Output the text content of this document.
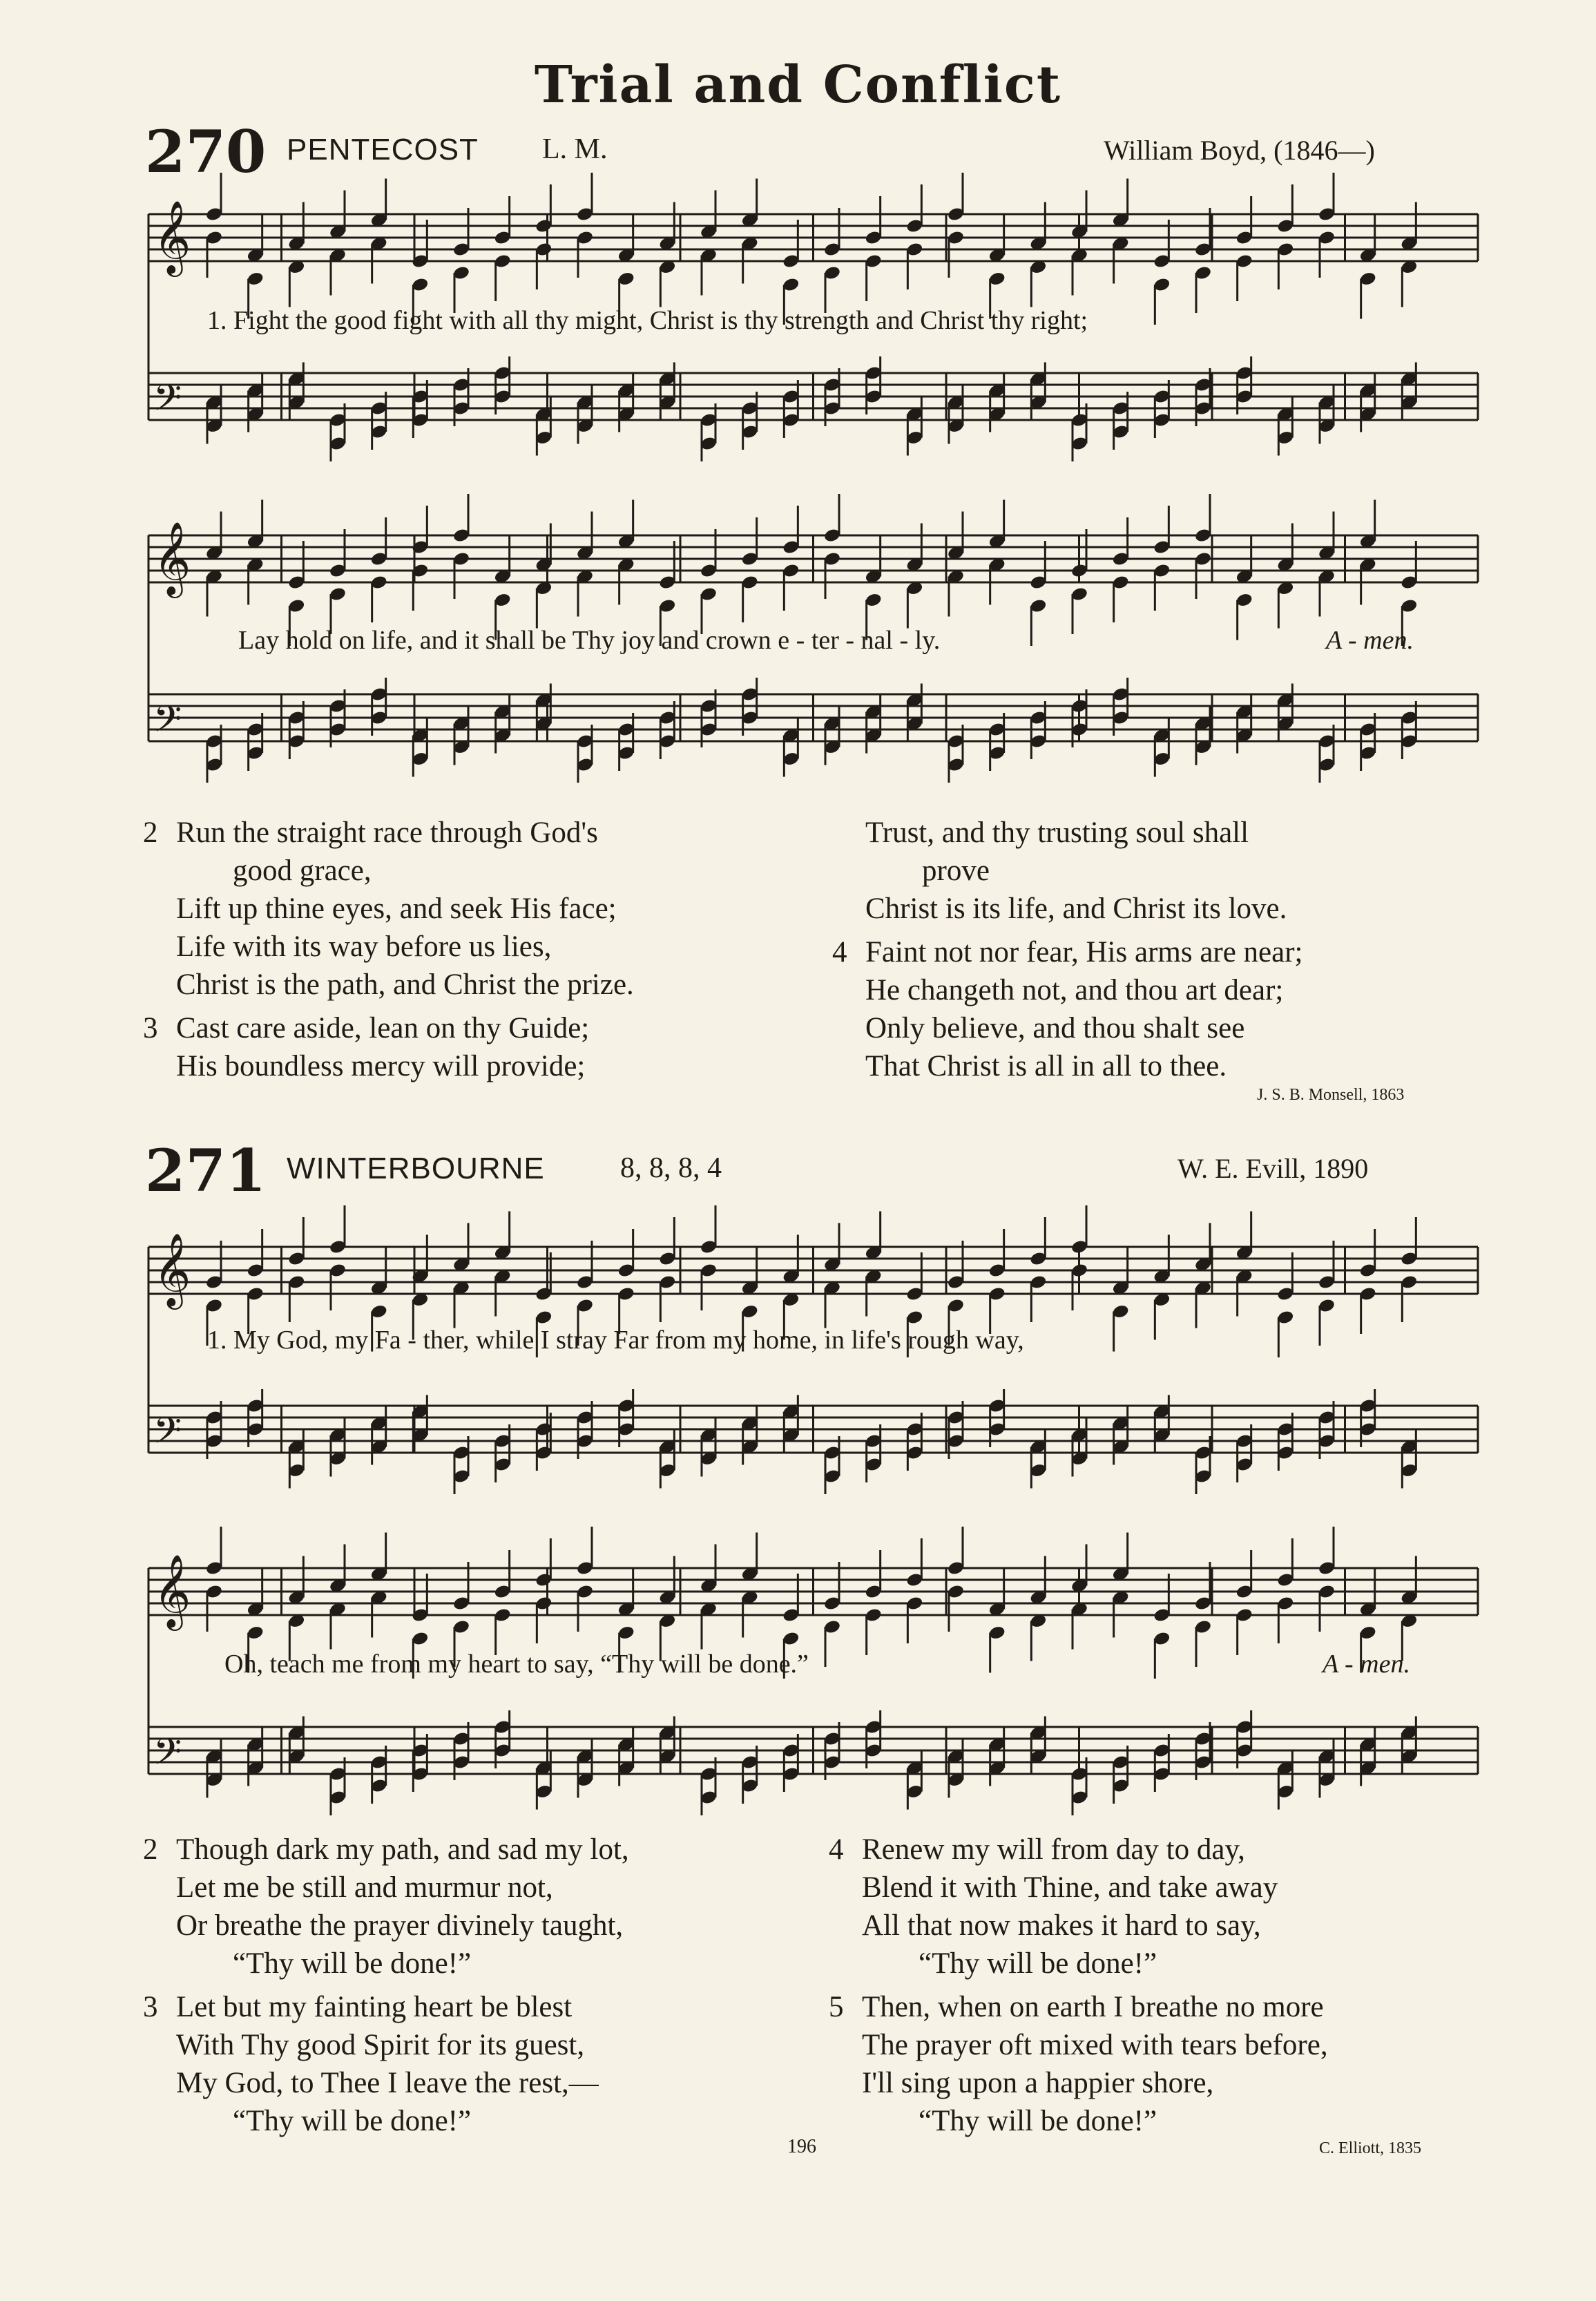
Trial and Conflict
270 PENTECOST L. M.	William Boyd, (1846—)
𝄞
𝄢
1. Fight the good fight with all thy might, Christ is thy strength and Christ thy right;
𝄞
𝄢
Lay hold on life, and it shall be Thy joy and crown e - ter - nal - ly.	A - men.
2 Run the straight race through God's
good grace,
Lift up thine eyes, and seek His face;
Life with its way before us lies,
Christ is the path, and Christ the prize.
3 Cast care aside, lean on thy Guide;
His boundless mercy will provide;
Trust, and thy trusting soul shall
prove
Christ is its life, and Christ its love.
4 Faint not nor fear, His arms are near;
He changeth not, and thou art dear;
Only believe, and thou shalt see
That Christ is all in all to thee.
J. S. B. Monsell, 1863
271 WINTERBOURNE	8, 8, 8, 4	W. E. Evill, 1890
𝄞
𝄢
1. My God, my Fa - ther, while I stray Far from my home, in life's rough way,
𝄞
𝄢
Oh, teach me from my heart to say, “Thy will be done.”	A - men.
2 Though dark my path, and sad my lot,
Let me be still and murmur not,
Or breathe the prayer divinely taught,
“Thy will be done!”
3 Let but my fainting heart be blest
With Thy good Spirit for its guest,
My God, to Thee I leave the rest,—
“Thy will be done!”
4 Renew my will from day to day,
Blend it with Thine, and take away
All that now makes it hard to say,
“Thy will be done!”
5 Then, when on earth I breathe no more
The prayer oft mixed with tears before,
I'll sing upon a happier shore,
“Thy will be done!”
196	C. Elliott, 1835
